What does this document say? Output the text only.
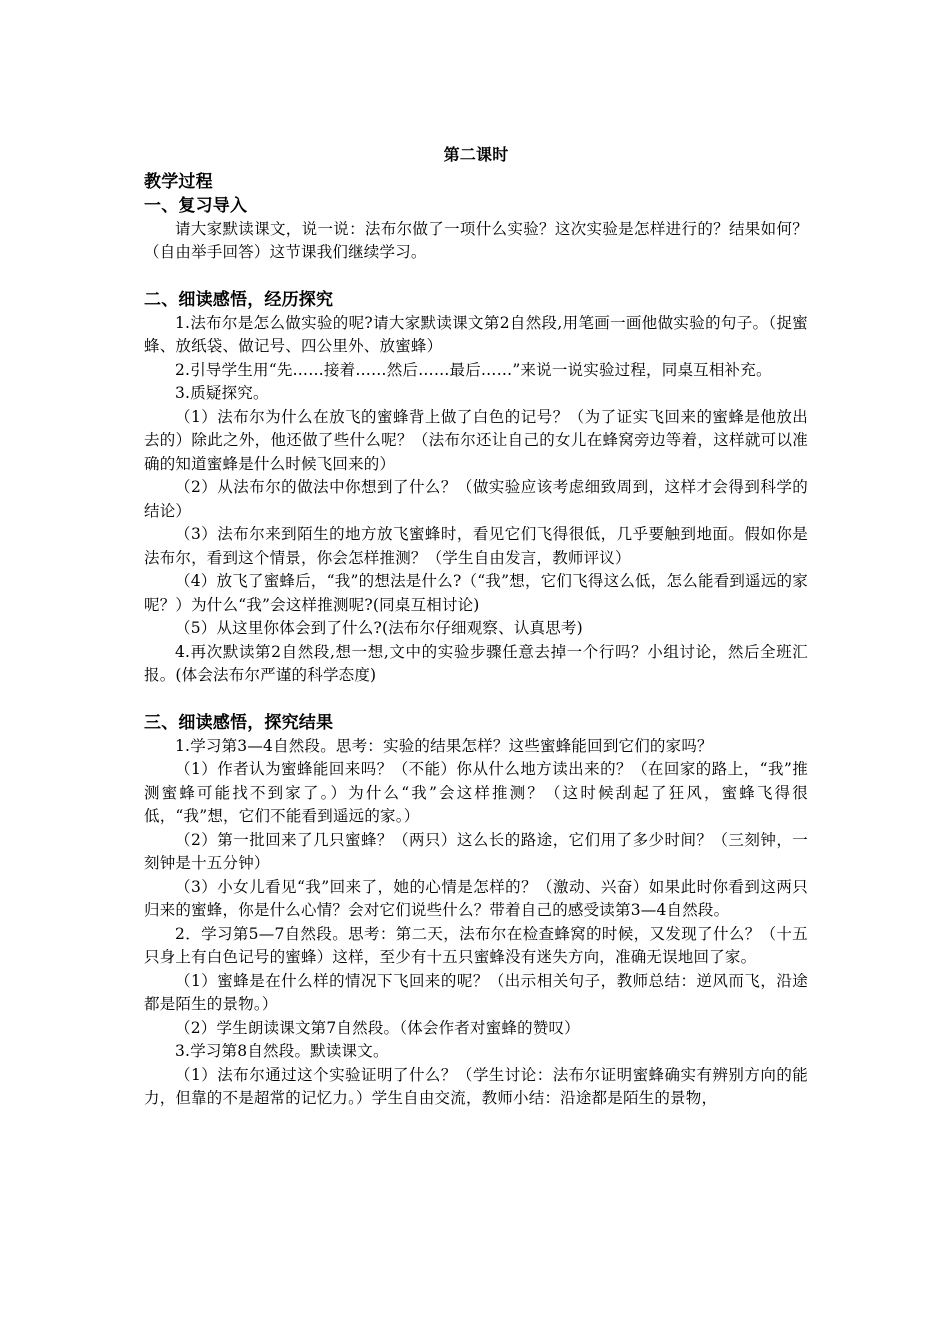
第二课时

教学过程

一、复习导入

请大家默读课文，说一说：法布尔做了一项什么实验？这次实验是怎样进行的？结果如何？（自由举手回答）这节课我们继续学习。

二、细读感悟，经历探究

1.法布尔是怎么做实验的呢?请大家默读课文第2自然段,用笔画一画他做实验的句子。（捉蜜蜂、放纸袋、做记号、四公里外、放蜜蜂）

2.引导学生用“先……接着……然后……最后……”来说一说实验过程，同桌互相补充。

3.质疑探究。

（1）法布尔为什么在放飞的蜜蜂背上做了白色的记号？（为了证实飞回来的蜜蜂是他放出去的）除此之外，他还做了些什么呢？（法布尔还让自己的女儿在蜂窝旁边等着，这样就可以准确的知道蜜蜂是什么时候飞回来的）

（2）从法布尔的做法中你想到了什么？（做实验应该考虑细致周到，这样才会得到科学的结论）

（3）法布尔来到陌生的地方放飞蜜蜂时，看见它们飞得很低，几乎要触到地面。假如你是法布尔，看到这个情景，你会怎样推测？（学生自由发言，教师评议）

（4）放飞了蜜蜂后，“我”的想法是什么?（“我”想，它们飞得这么低，怎么能看到遥远的家呢？）为什么“我”会这样推测呢?(同桌互相讨论)

（5）从这里你体会到了什么?(法布尔仔细观察、认真思考)

4.再次默读第2自然段,想一想,文中的实验步骤任意去掉一个行吗？小组讨论，然后全班汇报。(体会法布尔严谨的科学态度)

三、细读感悟，探究结果

1.学习第3—4自然段。思考：实验的结果怎样？这些蜜蜂能回到它们的家吗？

（1）作者认为蜜蜂能回来吗？（不能）你从什么地方读出来的？（在回家的路上，“我”推测蜜蜂可能找不到家了。）为什么“我”会这样推测？（这时候刮起了狂风，蜜蜂飞得很低，“我”想，它们不能看到遥远的家。）

（2）第一批回来了几只蜜蜂？（两只）这么长的路途，它们用了多少时间？（三刻钟，一刻钟是十五分钟）

（3）小女儿看见“我”回来了，她的心情是怎样的？（激动、兴奋）如果此时你看到这两只归来的蜜蜂，你是什么心情？会对它们说些什么？带着自己的感受读第3—4自然段。

2．学习第5—7自然段。思考：第二天，法布尔在检查蜂窝的时候，又发现了什么？（十五只身上有白色记号的蜜蜂）这样，至少有十五只蜜蜂没有迷失方向，准确无误地回了家。

（1）蜜蜂是在什么样的情况下飞回来的呢？（出示相关句子，教师总结：逆风而飞，沿途都是陌生的景物。）

（2）学生朗读课文第7自然段。（体会作者对蜜蜂的赞叹）

3.学习第8自然段。默读课文。

（1）法布尔通过这个实验证明了什么？（学生讨论：法布尔证明蜜蜂确实有辨别方向的能力，但靠的不是超常的记忆力。）学生自由交流，教师小结：沿途都是陌生的景物，
